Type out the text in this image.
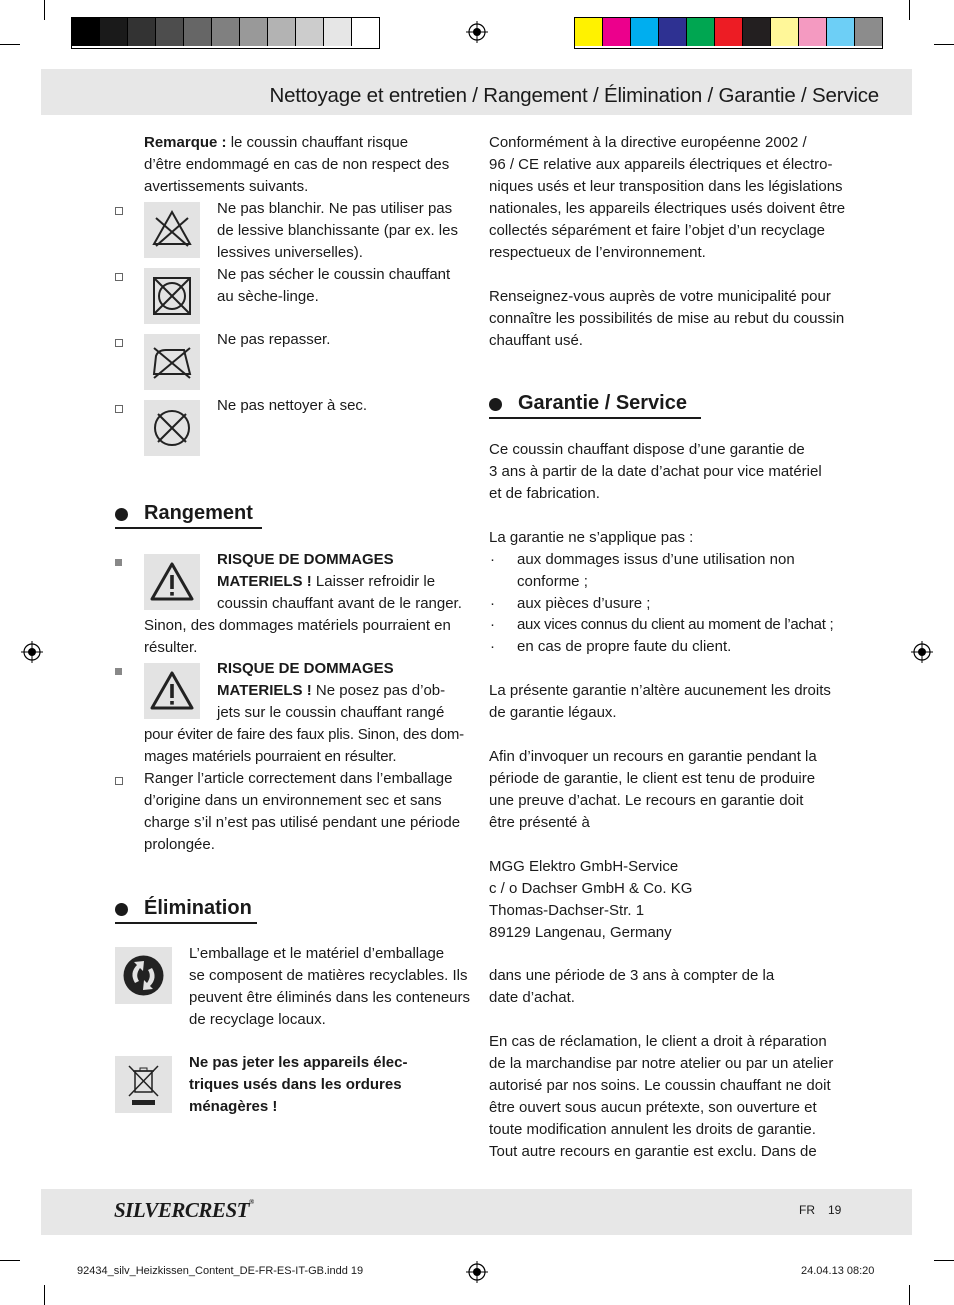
Nettoyage et entretien / Rangement / Élimination / Garantie / Service
Remarque : le coussin chauffant risque
d’être endommagé en cas de non respect des
avertissements suivants.
Ne pas blanchir. Ne pas utiliser pas
de lessive blanchissante (par ex. les
lessives universelles).
Ne pas sécher le coussin chauffant
au sèche-linge.
Ne pas repasser.
Ne pas nettoyer à sec.
Rangement
RISQUE DE DOMMAGES
MATERIELS ! Laisser refroidir le
coussin chauffant avant de le ranger.
Sinon, des dommages matériels pourraient en
résulter.
RISQUE DE DOMMAGES
MATERIELS ! Ne posez pas d’ob-
jets sur le coussin chauffant rangé
pour éviter de faire des faux plis. Sinon, des dom-
mages matériels pourraient en résulter.
Ranger l’article correctement dans l’emballage
d’origine dans un environnement sec et sans
charge s’il n’est pas utilisé pendant une période
prolongée.
Élimination
L’emballage et le matériel d’emballage
se composent de matières recyclables. Ils
peuvent être éliminés dans les conteneurs
de recyclage locaux.
Ne pas jeter les appareils élec-
triques usés dans les ordures
ménagères !
Conformément à la directive européenne 2002 /
96 / CE relative aux appareils électriques et électro-
niques usés et leur transposition dans les législations
nationales, les appareils électriques usés doivent être
collectés séparément et faire l’objet d’un recyclage
respectueux de l’environnement.
Renseignez-vous auprès de votre municipalité pour
connaître les possibilités de mise au rebut du coussin
chauffant usé.
Garantie / Service
Ce coussin chauffant dispose d’une garantie de
3 ans à partir de la date d’achat pour vice matériel
et de fabrication.
La garantie ne s’applique pas :
· aux dommages issus d’une utilisation non
conforme ;
· aux pièces d’usure ;
· aux vices connus du client au moment de l’achat ;
· en cas de propre faute du client.
La présente garantie n’altère aucunement les droits
de garantie légaux.
Afin d’invoquer un recours en garantie pendant la
période de garantie, le client est tenu de produire
une preuve d’achat. Le recours en garantie doit
être présenté à
MGG Elektro GmbH-Service
c / o Dachser GmbH & Co. KG
Thomas-Dachser-Str. 1
89129 Langenau, Germany
dans une période de 3 ans à compter de la
date d’achat.
En cas de réclamation, le client a droit à réparation
de la marchandise par notre atelier ou par un atelier
autorisé par nos soins. Le coussin chauffant ne doit
être ouvert sous aucun prétexte, son ouverture et
toute modification annulent les droits de garantie.
Tout autre recours en garantie est exclu. Dans de
SILVERCREST®
FR 19
92434_silv_Heizkissen_Content_DE-FR-ES-IT-GB.indd 19	24.04.13 08:20
